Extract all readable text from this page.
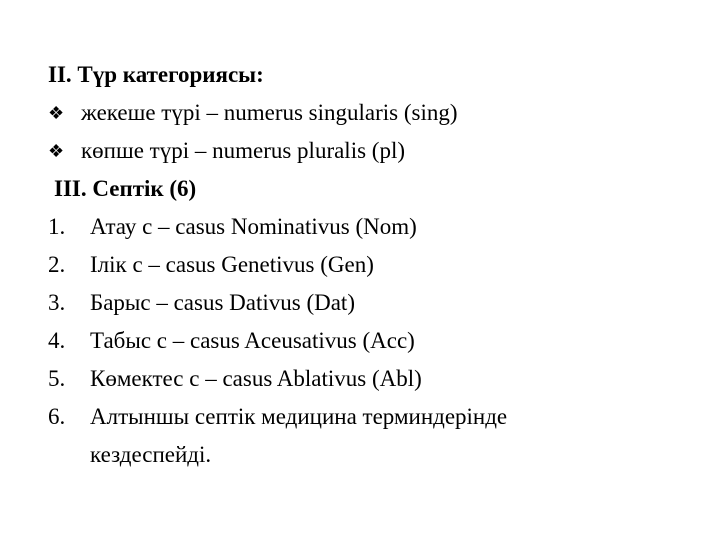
II. Түр категориясы:
❖ жекеше түрі – numerus singularis (sing)
❖ көпше түрі – numerus pluralis (pl)
III. Септік (6)
1.	Атау с – casus Nominativus (Nom)
2.	Ілік с – casus Genetivus (Gen)
3.	Барыс – casus Dativus (Dat)
4.	Табыс с – casus Aceusativus (Acc)
5.	Көмектес с – casus Ablativus (Abl)
6.	Алтыншы септік медицина терминдерінде
кездеспейді.
